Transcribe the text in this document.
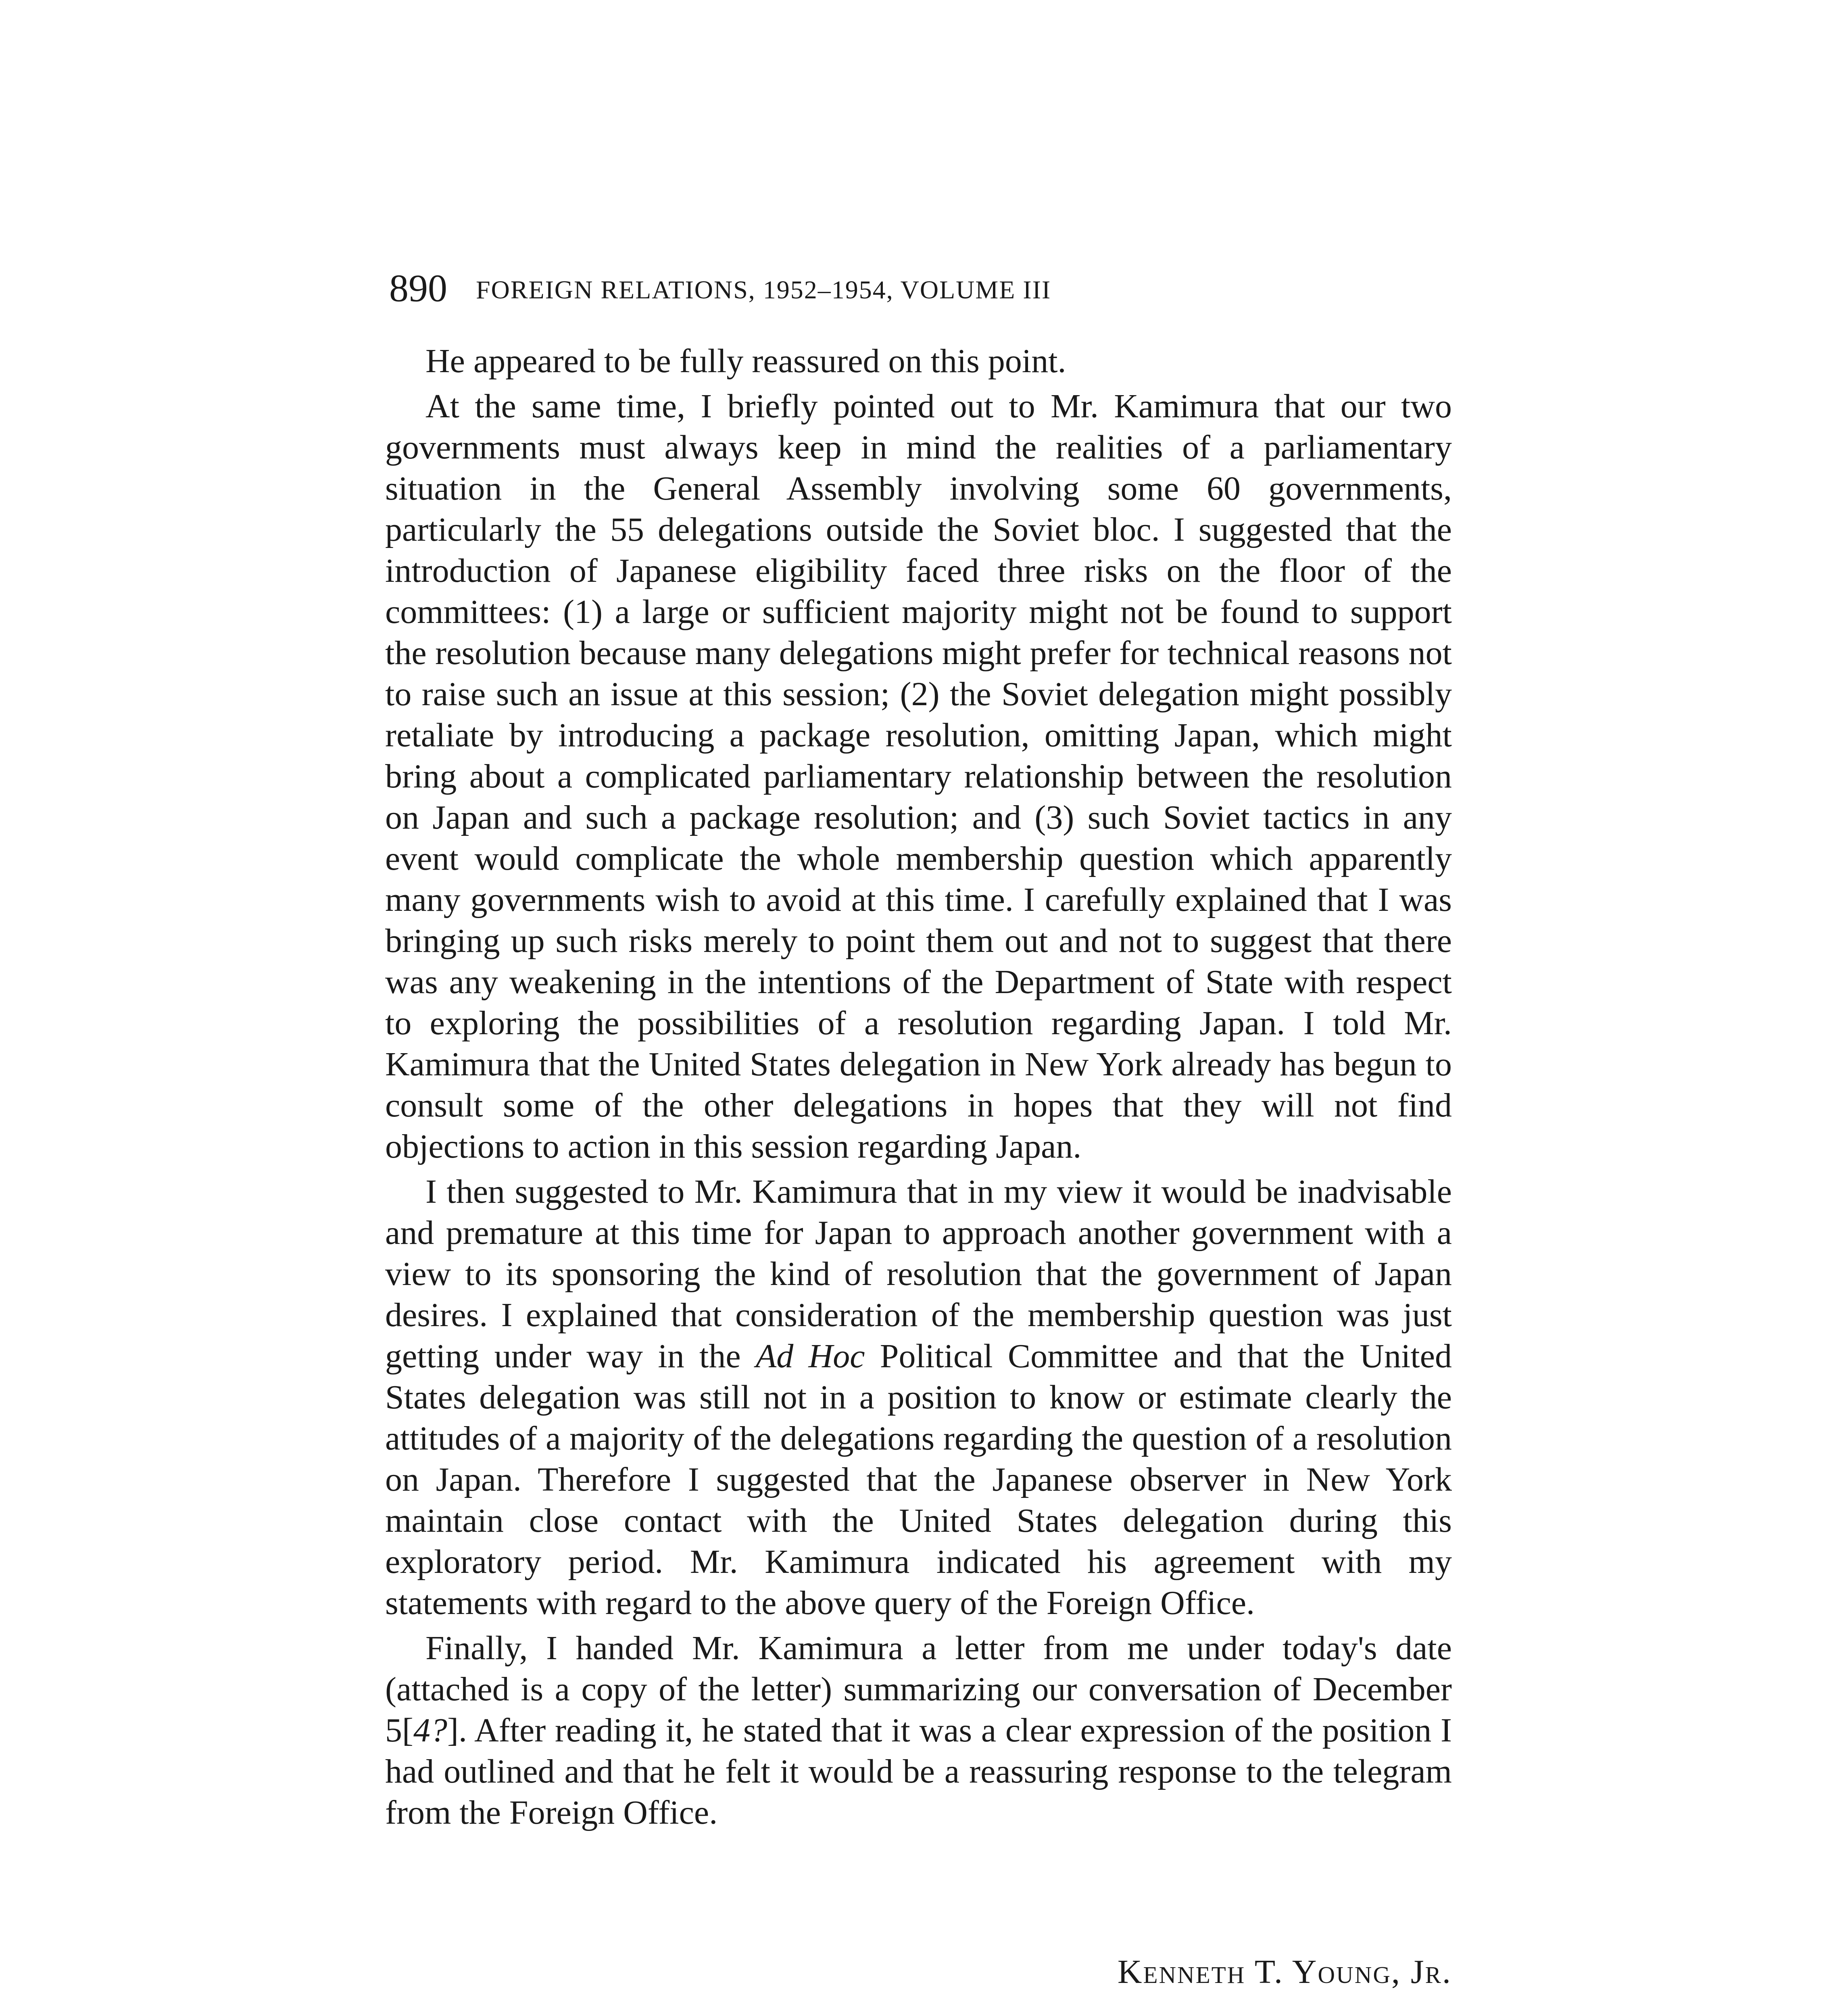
890 FOREIGN RELATIONS, 1952–1954, VOLUME III

He appeared to be fully reassured on this point.

At the same time, I briefly pointed out to Mr. Kamimura that our two governments must always keep in mind the realities of a parliamentary situation in the General Assembly involving some 60 governments, particularly the 55 delegations outside the Soviet bloc. I suggested that the introduction of Japanese eligibility faced three risks on the floor of the committees: (1) a large or sufficient majority might not be found to support the resolution because many delegations might prefer for technical reasons not to raise such an issue at this session; (2) the Soviet delegation might possibly retaliate by introducing a package resolution, omitting Japan, which might bring about a complicated parliamentary relationship between the resolution on Japan and such a package resolution; and (3) such Soviet tactics in any event would complicate the whole membership question which apparently many governments wish to avoid at this time. I carefully explained that I was bringing up such risks merely to point them out and not to suggest that there was any weakening in the intentions of the Department of State with respect to exploring the possibilities of a resolution regarding Japan. I told Mr. Kamimura that the United States delegation in New York already has begun to consult some of the other delegations in hopes that they will not find objections to action in this session regarding Japan.

I then suggested to Mr. Kamimura that in my view it would be inadvisable and premature at this time for Japan to approach another government with a view to its sponsoring the kind of resolution that the government of Japan desires. I explained that consideration of the membership question was just getting under way in the Ad Hoc Political Committee and that the United States delegation was still not in a position to know or estimate clearly the attitudes of a majority of the delegations regarding the question of a resolution on Japan. Therefore I suggested that the Japanese observer in New York maintain close contact with the United States delegation during this exploratory period. Mr. Kamimura indicated his agreement with my statements with regard to the above query of the Foreign Office.

Finally, I handed Mr. Kamimura a letter from me under today's date (attached is a copy of the letter) summarizing our conversation of December 5[4?]. After reading it, he stated that it was a clear expression of the position I had outlined and that he felt it would be a reassuring response to the telegram from the Foreign Office.

Kenneth T. Young, Jr.
